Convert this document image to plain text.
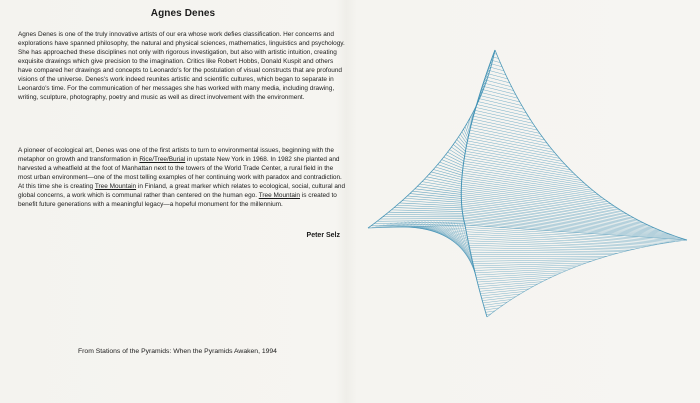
Agnes Denes

Agnes Denes is one of the truly innovative artists of our era whose work defies classification. Her concerns and explorations have spanned philosophy, the natural and physical sciences, mathematics, linguistics and psychology. She has approached these disciplines not only with rigorous investigation, but also with artistic intuition, creating exquisite drawings which give precision to the imagination. Critics like Robert Hobbs, Donald Kuspit and others have compared her drawings and concepts to Leonardo's for the postulation of visual constructs that are profound visions of the universe. Denes's work indeed reunites artistic and scientific cultures, which began to separate in Leonardo's time. For the communication of her messages she has worked with many media, including drawing, writing, sculpture, photography, poetry and music as well as direct involvement with the environment.

A pioneer of ecological art, Denes was one of the first artists to turn to environmental issues, beginning with the metaphor on growth and transformation in Rice/Tree/Burial in upstate New York in 1968. In 1982 she planted and harvested a wheatfield at the foot of Manhattan next to the towers of the World Trade Center, a rural field in the most urban environment—one of the most telling examples of her continuing work with paradox and contradiction. At this time she is creating Tree Mountain in Finland, a great marker which relates to ecological, social, cultural and global concerns, a work which is communal rather than centered on the human ego. Tree Mountain is created to benefit future generations with a meaningful legacy—a hopeful monument for the millennium.

Peter Selz
From Stations of the Pyramids: When the Pyramids Awaken, 1994
